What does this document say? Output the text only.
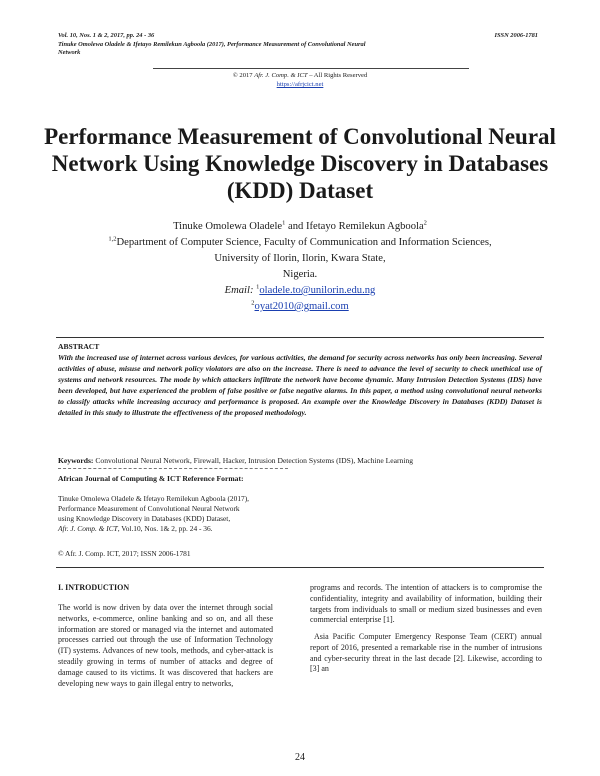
Vol. 10, Nos. 1 & 2, 2017, pp. 24 - 36	ISSN 2006-1781
Tinuke Omolewa Oladele & Ifetayo Remilekun Agboola (2017), Performance Measurement of Convolutional Neural
Network
© 2017 Afr. J. Comp. & ICT – All Rights Reserved
https://afrjcict.net
Performance Measurement of Convolutional Neural Network Using Knowledge Discovery in Databases (KDD) Dataset
Tinuke Omolewa Oladele$^1$ and Ifetayo Remilekun Agboola$^2$
$^{1,2}$Department of Computer Science, Faculty of Communication and Information Sciences,
University of Ilorin, Ilorin, Kwara State,
Nigeria.
Email: $^1$oladele.to@unilorin.edu.ng
$^2$oyat2010@gmail.com
ABSTRACT
With the increased use of internet across various devices, for various activities, the demand for security across networks has only been increasing. Several activities of abuse, misuse and network policy violators are also on the increase. There is need to advance the level of security to check unethical use of systems and network resources. The mode by which attackers infiltrate the network have become dynamic. Many Intrusion Detection Systems (IDS) have been developed, but have experienced the problem of false positive or false negative alarms. In this paper, a method using convolutional neural networks to classify attacks while increasing accuracy and performance is proposed. An example over the Knowledge Discovery in Databases (KDD) Dataset is detailed in this study to illustrate the effectiveness of the proposed methodology.
Keywords: Convolutional Neural Network, Firewall, Hacker, Intrusion Detection Systems (IDS), Machine Learning
African Journal of Computing & ICT Reference Format:
Tinuke Omolewa Oladele & Ifetayo Remilekun Agboola (2017),
Performance Measurement of Convolutional Neural Network
using Knowledge Discovery in Databases (KDD) Dataset,
Afr. J. Comp. & ICT, Vol.10, Nos. 1& 2, pp. 24 - 36.
© Afr. J. Comp. ICT, 2017; ISSN 2006-1781
I. INTRODUCTION
The world is now driven by data over the internet through social networks, e-commerce, online banking and so on, and all these information are stored or managed via the internet and automated processes carried out through the use of Information Technology (IT) systems. Advances of new tools, methods, and cyber-attack is steadily growing in terms of number of attacks and degree of damage caused to its victims. It was discovered that hackers are developing new ways to gain illegal entry to networks,
programs and records. The intention of attackers is to compromise the confidentiality, integrity and availability of information, building their targets from individuals to small or medium sized businesses and even commercial enterprise [1].
Asia Pacific Computer Emergency Response Team (CERT) annual report of 2016, presented a remarkable rise in the number of intrusions and cyber-security threat in the last decade [2]. Likewise, according to [3] an
24
